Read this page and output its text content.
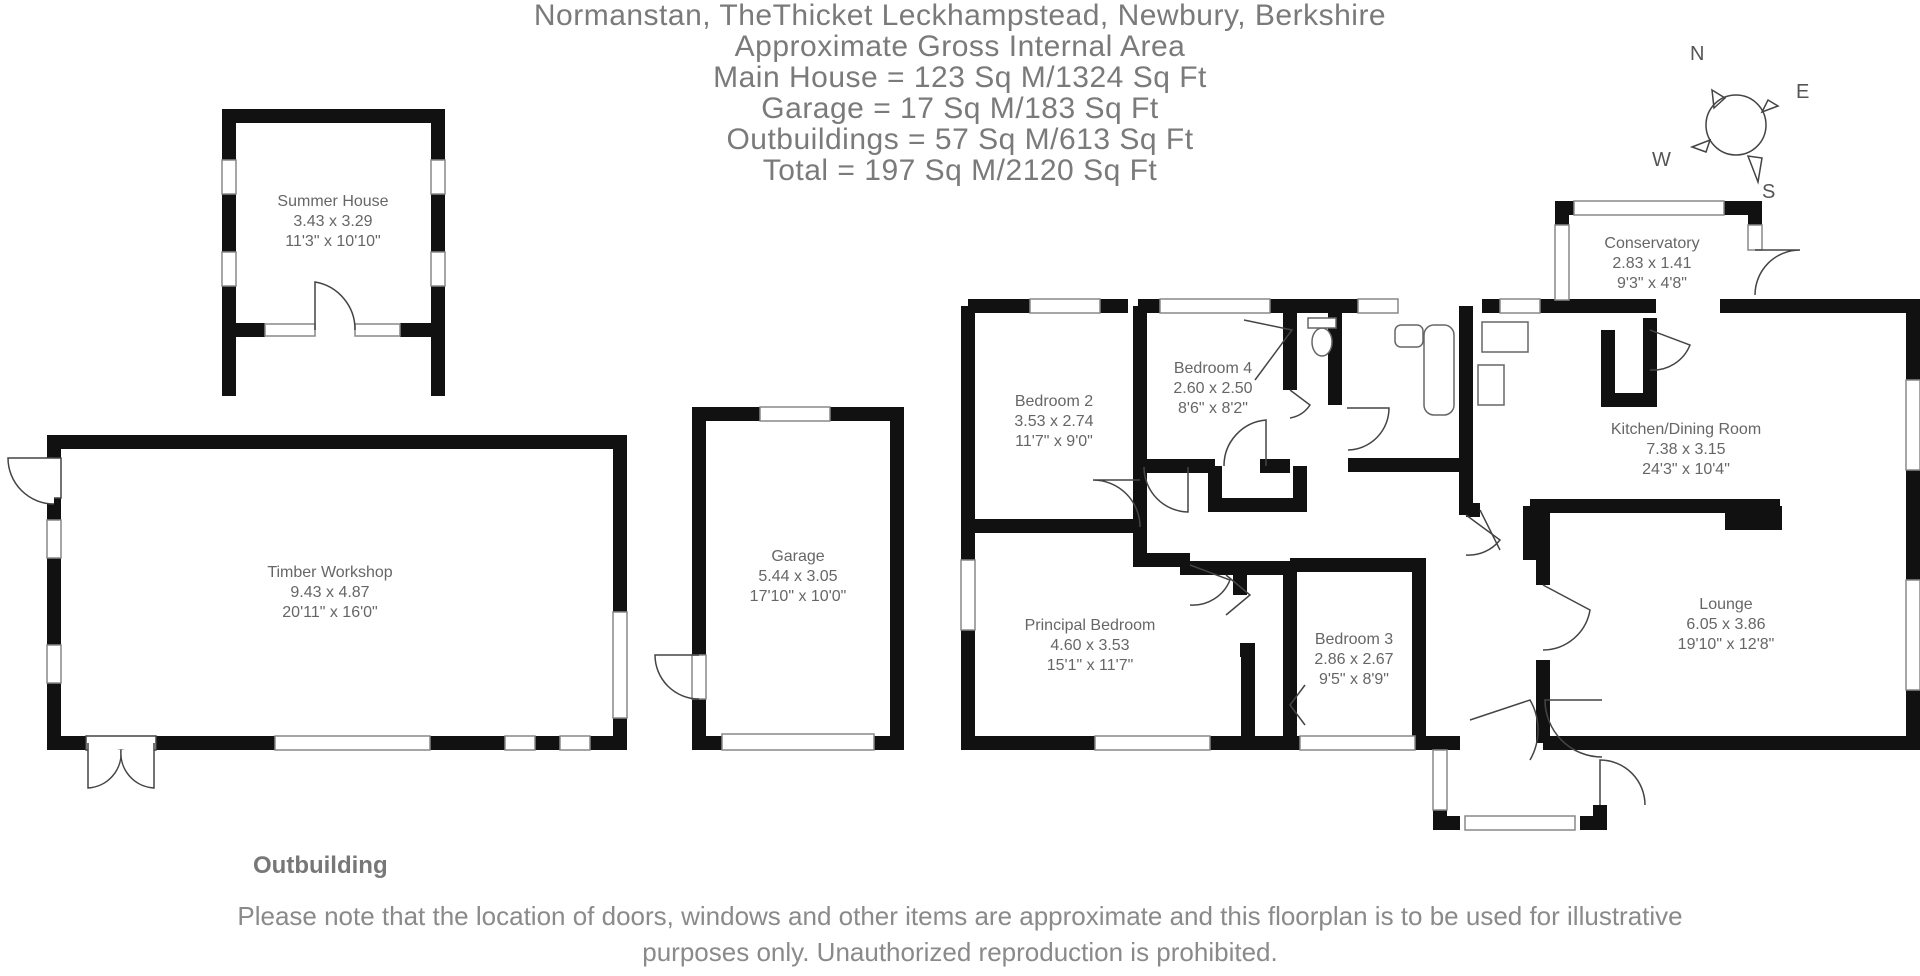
Normanstan, TheThicket Leckhampstead, Newbury, Berkshire
Approximate Gross Internal Area
Main House = 123 Sq M/1324 Sq Ft
Garage = 17 Sq M/183 Sq Ft
Outbuildings = 57 Sq M/613 Sq Ft
Total = 197 Sq M/2120 Sq Ft
Summer House
3.43 x 3.29
11'3" x 10'10"
Timber Workshop
9.43 x 4.87
20'11" x 16'0"
Garage
5.44 x 3.05
17'10" x 10'0"
Bedroom 2
3.53 x 2.74
11'7" x 9'0"
Bedroom 4
2.60 x 2.50
8'6" x 8'2"
Conservatory
2.83 x 1.41
9'3" x 4'8"
Kitchen/Dining Room
7.38 x 3.15
24'3" x 10'4"
Principal Bedroom
4.60 x 3.53
15'1" x 11'7"
Bedroom 3
2.86 x 2.67
9'5" x 8'9"
Lounge
6.05 x 3.86
19'10" x 12'8"
N
E
S
W
Outbuilding
Please note that the location of doors, windows and other items are approximate and this floorplan is to be used for illustrative
purposes only. Unauthorized reproduction is prohibited.
